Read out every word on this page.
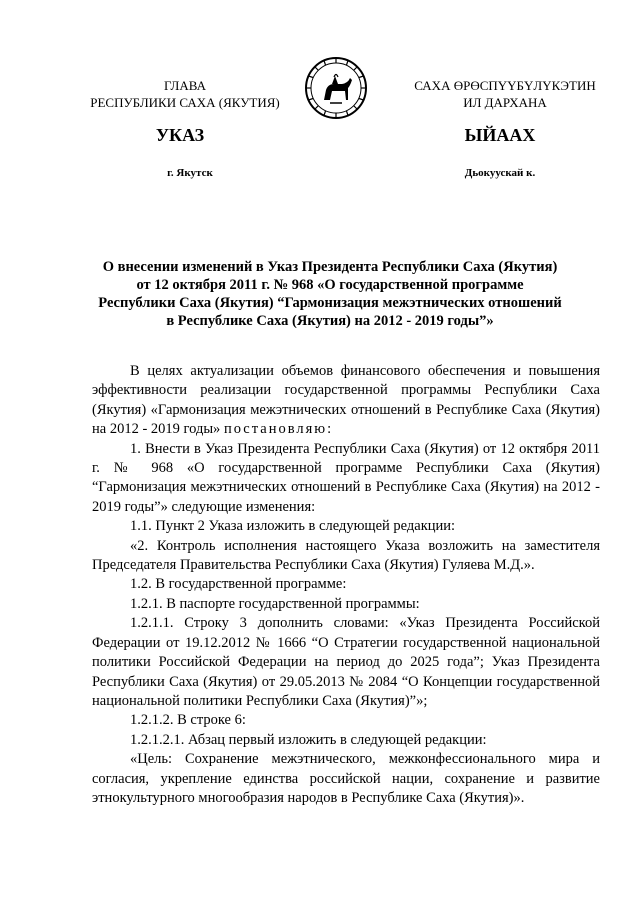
ГЛАВА
РЕСПУБЛИКИ САХА (ЯКУТИЯ)
САХА ӨРӨСПҮҮБҮЛҮКЭТИН
ИЛ ДАРХАНА
УКАЗ	ЫЙААХ
г. Якутск	Дьокуускай к.
О внесении изменений в Указ Президента Республики Саха (Якутия)
от 12 октября 2011 г. № 968 «О государственной программе
Республики Саха (Якутия) “Гармонизация межэтнических отношений
в Республике Саха (Якутия) на 2012 - 2019 годы”»

В целях актуализации объемов финансового обеспечения и повышения эффективности реализации государственной программы Республики Саха (Якутия) «Гармонизация межэтнических отношений в Республике Саха (Якутия) на 2012 - 2019 годы» постановляю:

1. Внести в Указ Президента Республики Саха (Якутия) от 12 октября 2011 г. № 968 «О государственной программе Республики Саха (Якутия) “Гармонизация межэтнических отношений в Республике Саха (Якутия) на 2012 - 2019 годы”» следующие изменения:

1.1. Пункт 2 Указа изложить в следующей редакции:

«2. Контроль исполнения настоящего Указа возложить на заместителя Председателя Правительства Республики Саха (Якутия) Гуляева М.Д.».

1.2. В государственной программе:

1.2.1. В паспорте государственной программы:

1.2.1.1. Строку 3 дополнить словами: «Указ Президента Российской Федерации от 19.12.2012 № 1666 “О Стратегии государственной национальной политики Российской Федерации на период до 2025 года”; Указ Президента Республики Саха (Якутия) от 29.05.2013 № 2084 “О Концепции государственной национальной политики Республики Саха (Якутия)”»;

1.2.1.2. В строке 6:

1.2.1.2.1. Абзац первый изложить в следующей редакции:

«Цель: Сохранение межэтнического, межконфессионального мира и согласия, укрепление единства российской нации, сохранение и развитие этнокультурного многообразия народов в Республике Саха (Якутия)».
